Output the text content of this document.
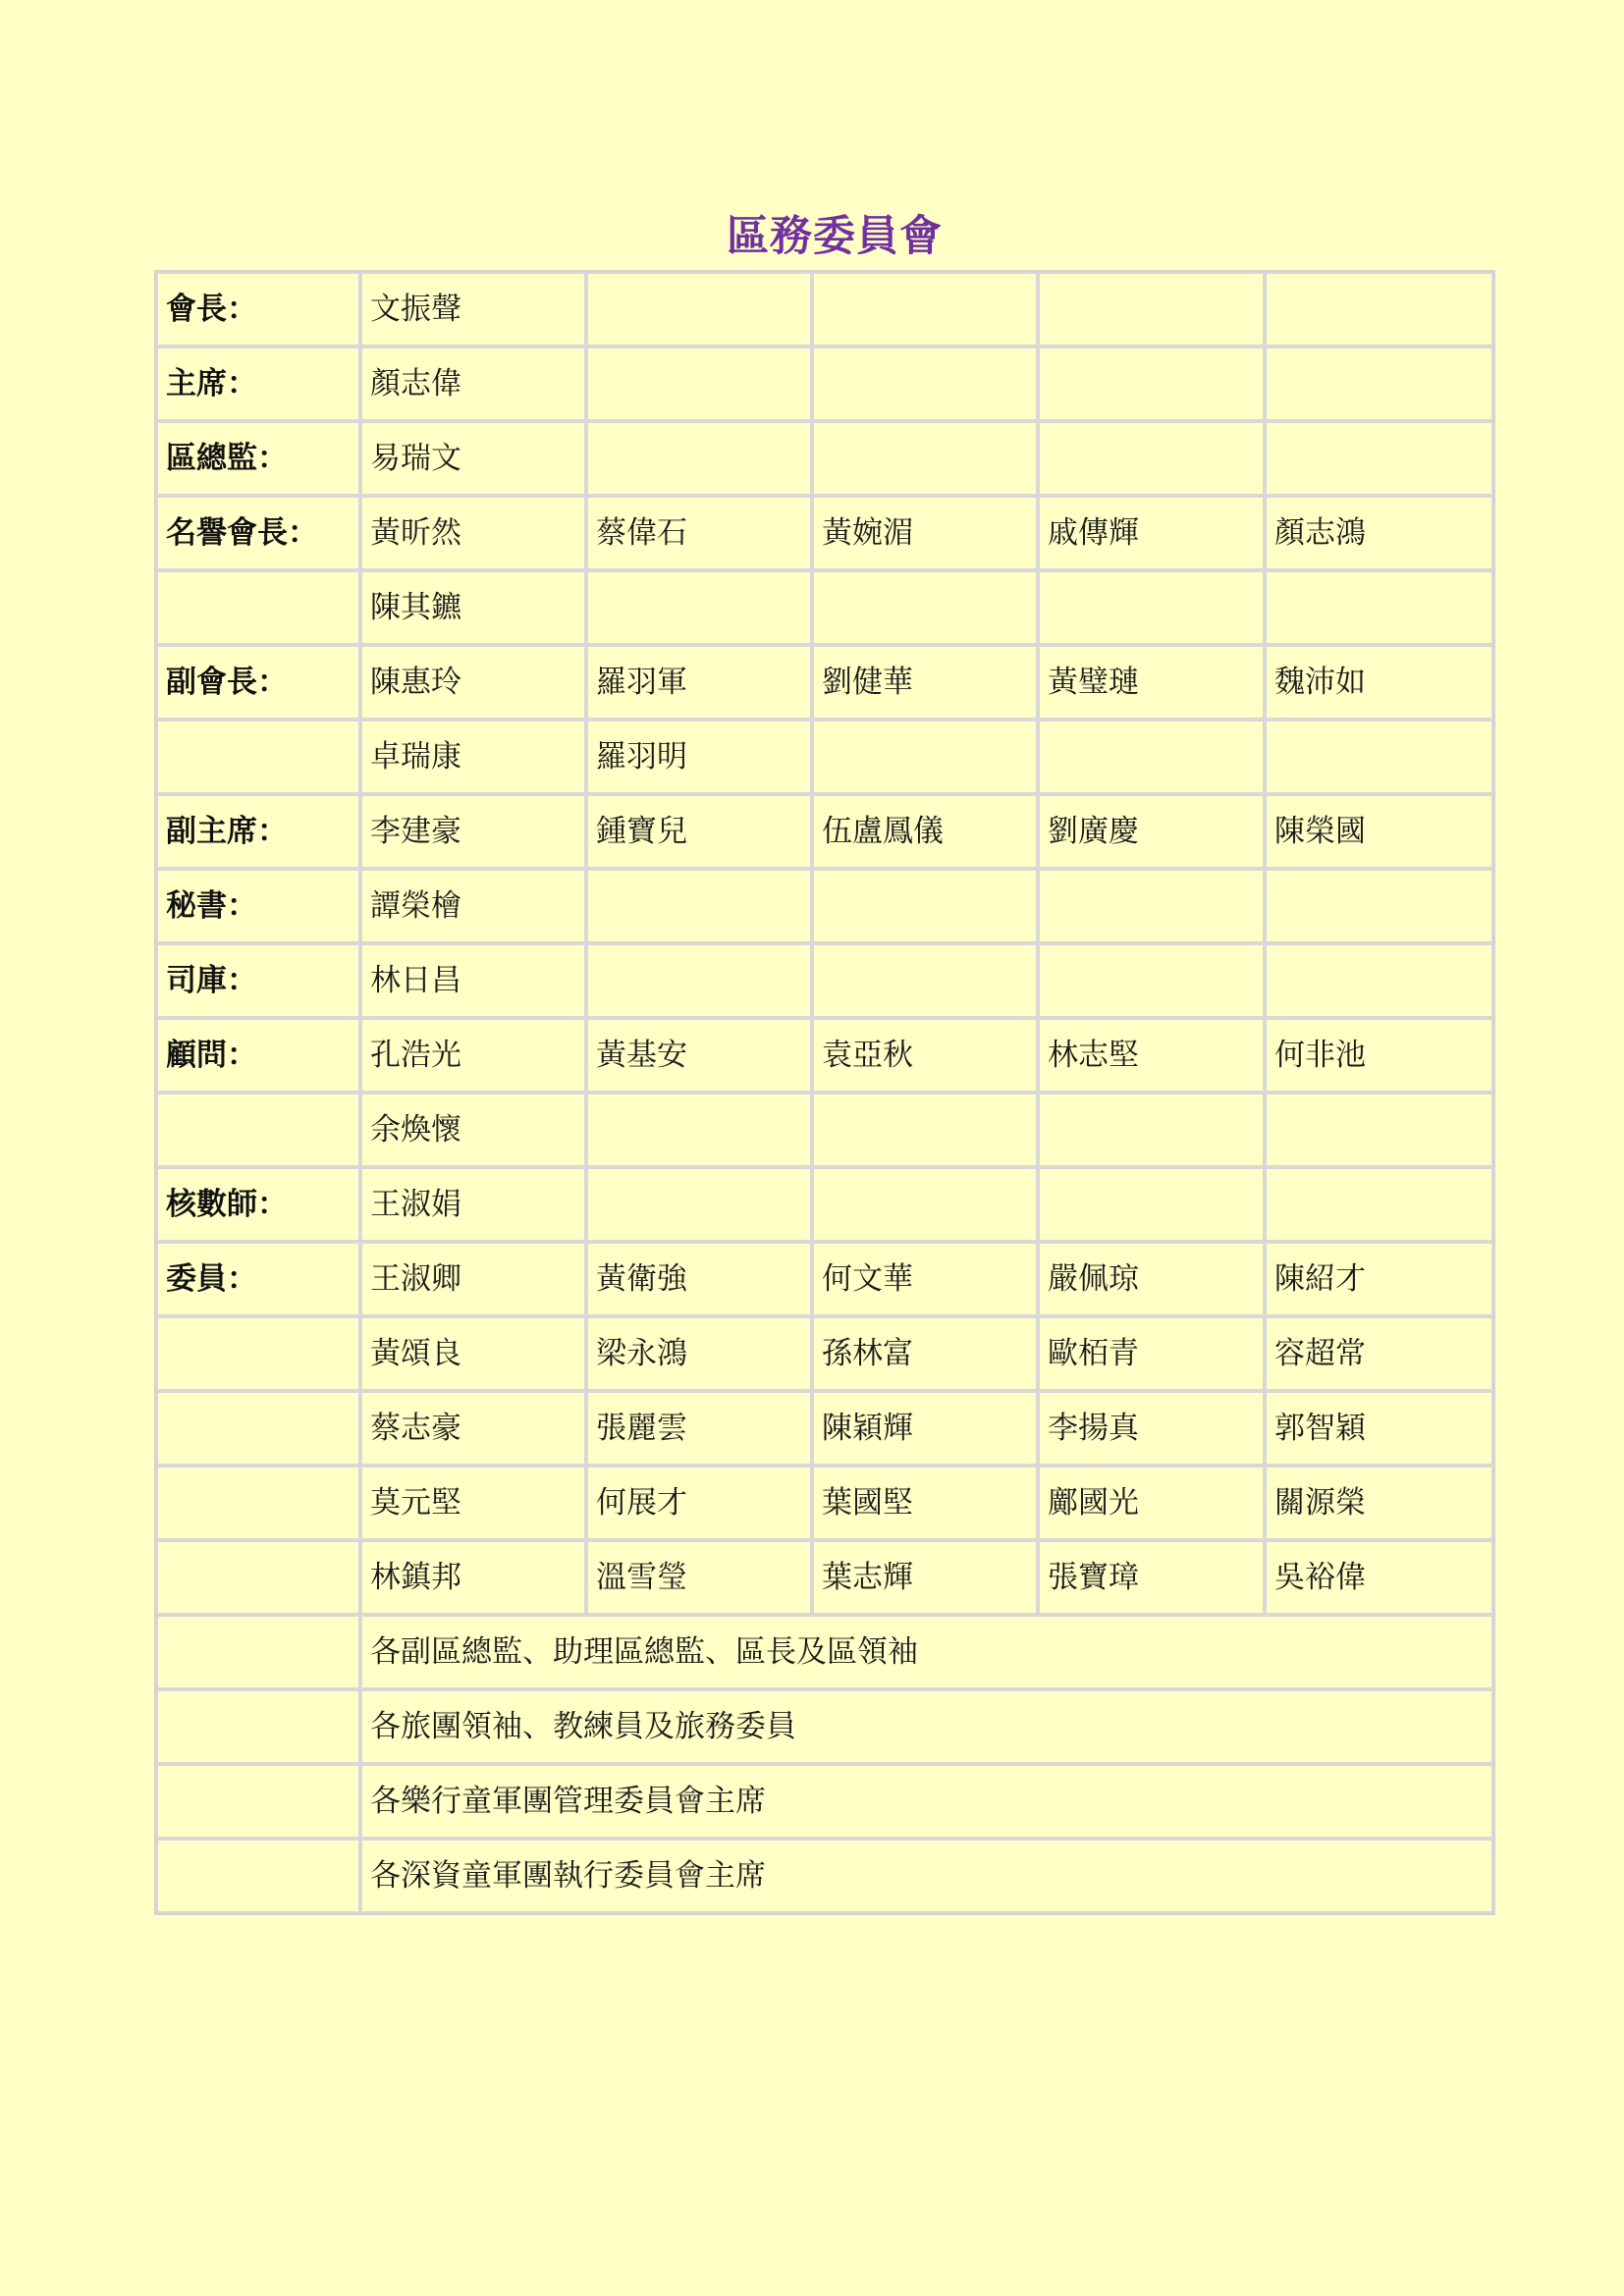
區務委員會
會長：	文振聲				
主席：	顏志偉				
區總監：	易瑞文				
名譽會長：	黃昕然	蔡偉石	黃婉湄	戚傳輝	顏志鴻
	陳其鑣				
副會長：	陳惠玲	羅羽軍	劉健華	黃璧璉	魏沛如
	卓瑞康	羅羽明			
副主席：	李建豪	鍾寶兒	伍盧鳳儀	劉廣慶	陳榮國
秘書：	譚榮檜				
司庫：	林日昌				
顧問：	孔浩光	黃基安	袁亞秋	林志堅	何非池
	余煥懷				
核數師：	王淑娟				
委員：	王淑卿	黃衛強	何文華	嚴佩琼	陳紹才
	黃頌良	梁永鴻	孫林富	歐栢青	容超常
	蔡志豪	張麗雲	陳穎輝	李揚真	郭智穎
	莫元堅	何展才	葉國堅	鄺國光	關源榮
	林鎮邦	溫雪瑩	葉志輝	張寶璋	吳裕偉
	各副區總監、助理區總監、區長及區領袖				
	各旅團領袖、教練員及旅務委員				
	各樂行童軍團管理委員會主席				
	各深資童軍團執行委員會主席				
